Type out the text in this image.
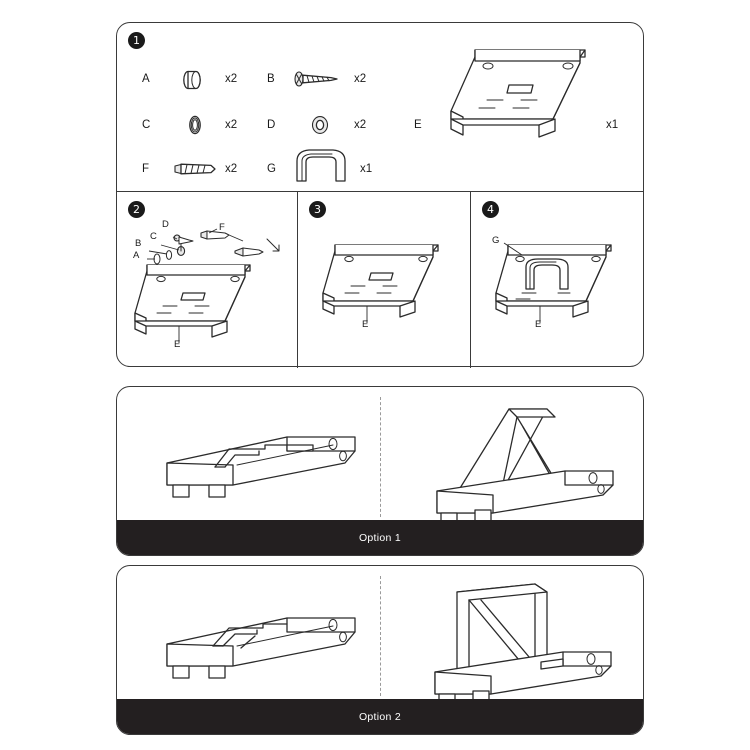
1
A	x2	B	x2
C	x2	D	x2
F	x2	G	x1
E	x1
2
A
B
C
D	F
E
3
E
4
G
E
Option 1
Option 2
